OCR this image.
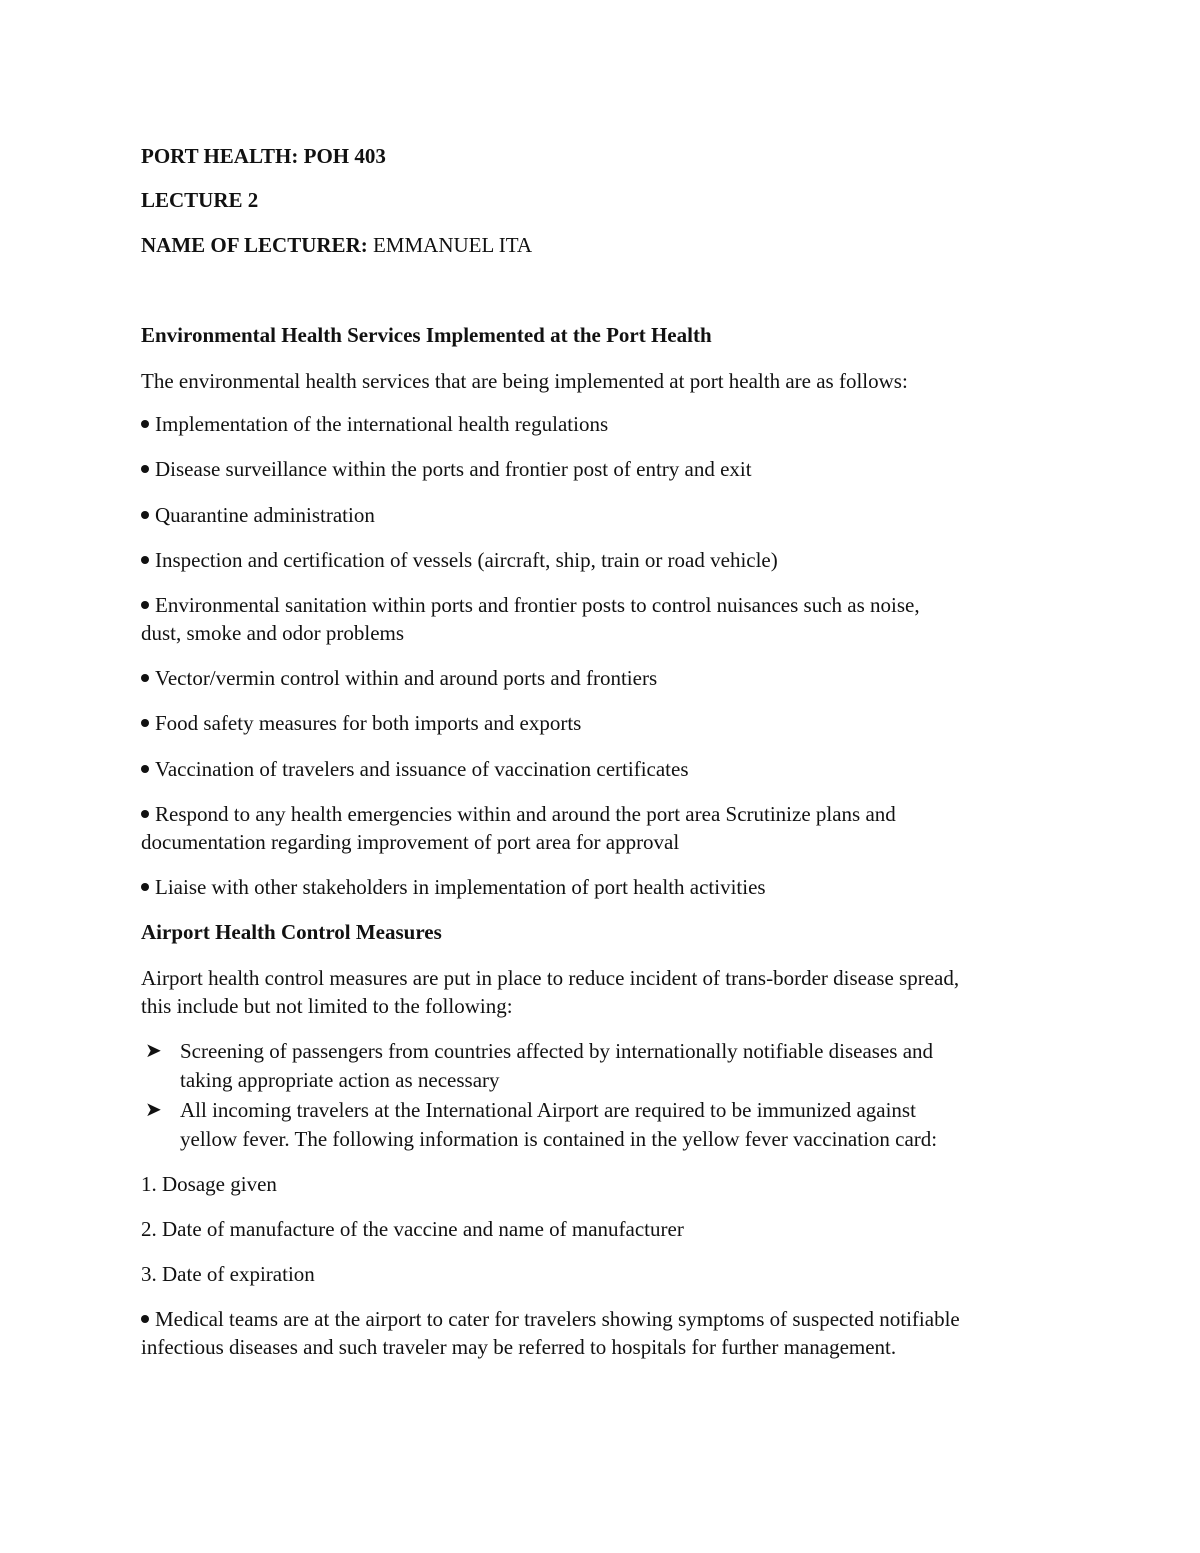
PORT HEALTH: POH 403
LECTURE 2
NAME OF LECTURER: EMMANUEL ITA
Environmental Health Services Implemented at the Port Health
The environmental health services that are being implemented at port health are as follows:
Implementation of the international health regulations
Disease surveillance within the ports and frontier post of entry and exit
Quarantine administration
Inspection and certification of vessels (aircraft, ship, train or road vehicle)
Environmental sanitation within ports and frontier posts to control nuisances such as noise,
dust, smoke and odor problems
Vector/vermin control within and around ports and frontiers
Food safety measures for both imports and exports
Vaccination of travelers and issuance of vaccination certificates
Respond to any health emergencies within and around the port area Scrutinize plans and
documentation regarding improvement of port area for approval
Liaise with other stakeholders in implementation of port health activities
Airport Health Control Measures
Airport health control measures are put in place to reduce incident of trans-border disease spread,
this include but not limited to the following:
➤ Screening of passengers from countries affected by internationally notifiable diseases and
taking appropriate action as necessary
➤ All incoming travelers at the International Airport are required to be immunized against
yellow fever. The following information is contained in the yellow fever vaccination card:
1. Dosage given
2. Date of manufacture of the vaccine and name of manufacturer
3. Date of expiration
Medical teams are at the airport to cater for travelers showing symptoms of suspected notifiable
infectious diseases and such traveler may be referred to hospitals for further management.
